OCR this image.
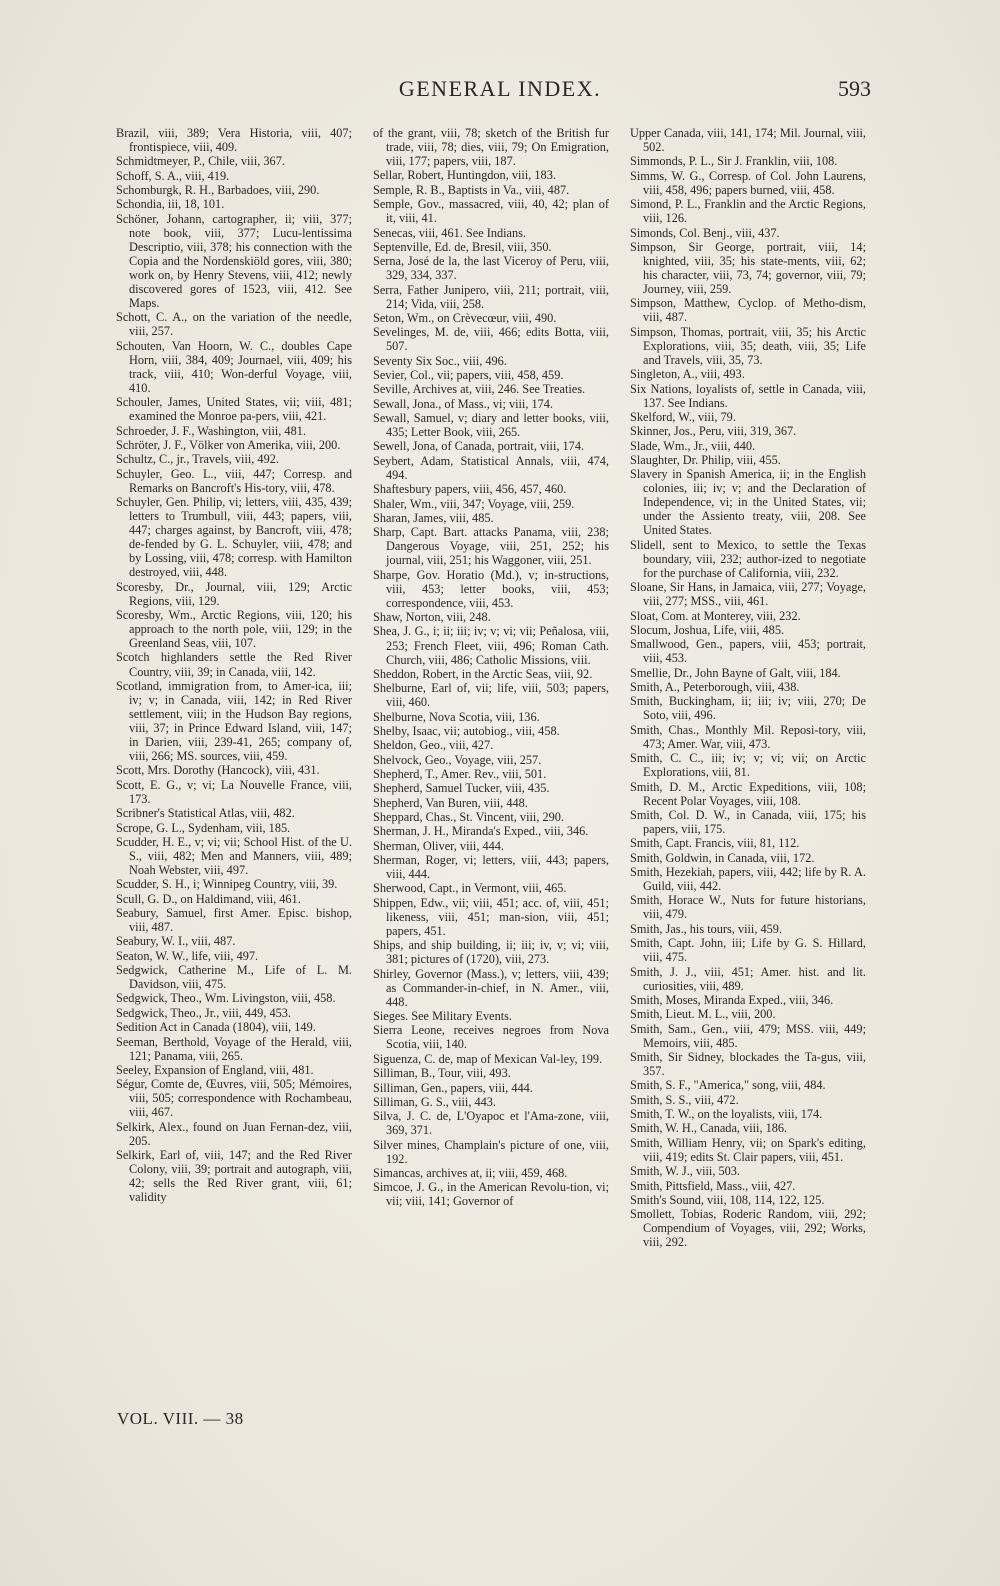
GENERAL INDEX.	593
Brazil, viii, 389; Vera Historia, viii, 407; frontispiece, viii, 409.
Schmidtmeyer, P., Chile, viii, 367.
Schoff, S. A., viii, 419.
Schomburgk, R. H., Barbadoes, viii, 290.
Schondia, iii, 18, 101.
Schöner, Johann, cartographer, ii; viii, 377; note book, viii, 377; Lucu-lentissima Descriptio, viii, 378; his connection with the Copia and the Nordenskiöld gores, viii, 380; work on, by Henry Stevens, viii, 412; newly discovered gores of 1523, viii, 412. See Maps.
Schott, C. A., on the variation of the needle, viii, 257.
Schouten, Van Hoorn, W. C., doubles Cape Horn, viii, 384, 409; Journael, viii, 409; his track, viii, 410; Won-derful Voyage, viii, 410.
Schouler, James, United States, vii; viii, 481; examined the Monroe pa-pers, viii, 421.
Schroeder, J. F., Washington, viii, 481.
Schröter, J. F., Völker von Amerika, viii, 200.
Schultz, C., jr., Travels, viii, 492.
Schuyler, Geo. L., viii, 447; Corresp. and Remarks on Bancroft's His-tory, viii, 478.
Schuyler, Gen. Philip, vi; letters, viii, 435, 439; letters to Trumbull, viii, 443; papers, viii, 447; charges against, by Bancroft, viii, 478; de-fended by G. L. Schuyler, viii, 478; and by Lossing, viii, 478; corresp. with Hamilton destroyed, viii, 448.
Scoresby, Dr., Journal, viii, 129; Arctic Regions, viii, 129.
Scoresby, Wm., Arctic Regions, viii, 120; his approach to the north pole, viii, 129; in the Greenland Seas, viii, 107.
Scotch highlanders settle the Red River Country, viii, 39; in Canada, viii, 142.
Scotland, immigration from, to Amer-ica, iii; iv; v; in Canada, viii, 142; in Red River settlement, viii; in the Hudson Bay regions, viii, 37; in Prince Edward Island, viii, 147; in Darien, viii, 239-41, 265; company of, viii, 266; MS. sources, viii, 459.
Scott, Mrs. Dorothy (Hancock), viii, 431.
Scott, E. G., v; vi; La Nouvelle France, viii, 173.
Scribner's Statistical Atlas, viii, 482.
Scrope, G. L., Sydenham, viii, 185.
Scudder, H. E., v; vi; vii; School Hist. of the U. S., viii, 482; Men and Manners, viii, 489; Noah Webster, viii, 497.
Scudder, S. H., i; Winnipeg Country, viii, 39.
Scull, G. D., on Haldimand, viii, 461.
Seabury, Samuel, first Amer. Episc. bishop, viii, 487.
Seabury, W. I., viii, 487.
Seaton, W. W., life, viii, 497.
Sedgwick, Catherine M., Life of L. M. Davidson, viii, 475.
Sedgwick, Theo., Wm. Livingston, viii, 458.
Sedgwick, Theo., Jr., viii, 449, 453.
Sedition Act in Canada (1804), viii, 149.
Seeman, Berthold, Voyage of the Herald, viii, 121; Panama, viii, 265.
Seeley, Expansion of England, viii, 481.
Ségur, Comte de, Œuvres, viii, 505; Mémoires, viii, 505; correspondence with Rochambeau, viii, 467.
Selkirk, Alex., found on Juan Fernan-dez, viii, 205.
Selkirk, Earl of, viii, 147; and the Red River Colony, viii, 39; portrait and autograph, viii, 42; sells the Red River grant, viii, 61; validity
of the grant, viii, 78; sketch of the British fur trade, viii, 78; dies, viii, 79; On Emigration, viii, 177; papers, viii, 187.
Sellar, Robert, Huntingdon, viii, 183.
Semple, R. B., Baptists in Va., viii, 487.
Semple, Gov., massacred, viii, 40, 42; plan of it, viii, 41.
Senecas, viii, 461. See Indians.
Septenville, Ed. de, Bresil, viii, 350.
Serna, José de la, the last Viceroy of Peru, viii, 329, 334, 337.
Serra, Father Junipero, viii, 211; portrait, viii, 214; Vida, viii, 258.
Seton, Wm., on Crèvecœur, viii, 490.
Sevelinges, M. de, viii, 466; edits Botta, viii, 507.
Seventy Six Soc., viii, 496.
Sevier, Col., vii; papers, viii, 458, 459.
Seville, Archives at, viii, 246. See Treaties.
Sewall, Jona., of Mass., vi; viii, 174.
Sewall, Samuel, v; diary and letter books, viii, 435; Letter Book, viii, 265.
Sewell, Jona, of Canada, portrait, viii, 174.
Seybert, Adam, Statistical Annals, viii, 474, 494.
Shaftesbury papers, viii, 456, 457, 460.
Shaler, Wm., viii, 347; Voyage, viii, 259.
Sharan, James, viii, 485.
Sharp, Capt. Bart. attacks Panama, viii, 238; Dangerous Voyage, viii, 251, 252; his journal, viii, 251; his Waggoner, viii, 251.
Sharpe, Gov. Horatio (Md.), v; in-structions, viii, 453; letter books, viii, 453; correspondence, viii, 453.
Shaw, Norton, viii, 248.
Shea, J. G., i; ii; iii; iv; v; vi; vii; Peñalosa, viii, 253; French Fleet, viii, 496; Roman Cath. Church, viii, 486; Catholic Missions, viii.
Sheddon, Robert, in the Arctic Seas, viii, 92.
Shelburne, Earl of, vii; life, viii, 503; papers, viii, 460.
Shelburne, Nova Scotia, viii, 136.
Shelby, Isaac, vii; autobiog., viii, 458.
Sheldon, Geo., viii, 427.
Shelvock, Geo., Voyage, viii, 257.
Shepherd, T., Amer. Rev., viii, 501.
Shepherd, Samuel Tucker, viii, 435.
Shepherd, Van Buren, viii, 448.
Sheppard, Chas., St. Vincent, viii, 290.
Sherman, J. H., Miranda's Exped., viii, 346.
Sherman, Oliver, viii, 444.
Sherman, Roger, vi; letters, viii, 443; papers, viii, 444.
Sherwood, Capt., in Vermont, viii, 465.
Shippen, Edw., vii; viii, 451; acc. of, viii, 451; likeness, viii, 451; man-sion, viii, 451; papers, 451.
Ships, and ship building, ii; iii; iv, v; vi; viii, 381; pictures of (1720), viii, 273.
Shirley, Governor (Mass.), v; letters, viii, 439; as Commander-in-chief, in N. Amer., viii, 448.
Sieges. See Military Events.
Sierra Leone, receives negroes from Nova Scotia, viii, 140.
Siguenza, C. de, map of Mexican Val-ley, 199.
Silliman, B., Tour, viii, 493.
Silliman, Gen., papers, viii, 444.
Silliman, G. S., viii, 443.
Silva, J. C. de, L'Oyapoc et l'Ama-zone, viii, 369, 371.
Silver mines, Champlain's picture of one, viii, 192.
Simancas, archives at, ii; viii, 459, 468.
Simcoe, J. G., in the American Revolu-tion, vi; vii; viii, 141; Governor of
Upper Canada, viii, 141, 174; Mil. Journal, viii, 502.
Simmonds, P. L., Sir J. Franklin, viii, 108.
Simms, W. G., Corresp. of Col. John Laurens, viii, 458, 496; papers burned, viii, 458.
Simond, P. L., Franklin and the Arctic Regions, viii, 126.
Simonds, Col. Benj., viii, 437.
Simpson, Sir George, portrait, viii, 14; knighted, viii, 35; his state-ments, viii, 62; his character, viii, 73, 74; governor, viii, 79; Journey, viii, 259.
Simpson, Matthew, Cyclop. of Metho-dism, viii, 487.
Simpson, Thomas, portrait, viii, 35; his Arctic Explorations, viii, 35; death, viii, 35; Life and Travels, viii, 35, 73.
Singleton, A., viii, 493.
Six Nations, loyalists of, settle in Canada, viii, 137. See Indians.
Skelford, W., viii, 79.
Skinner, Jos., Peru, viii, 319, 367.
Slade, Wm., Jr., viii, 440.
Slaughter, Dr. Philip, viii, 455.
Slavery in Spanish America, ii; in the English colonies, iii; iv; v; and the Declaration of Independence, vi; in the United States, vii; under the Assiento treaty, viii, 208. See United States.
Slidell, sent to Mexico, to settle the Texas boundary, viii, 232; author-ized to negotiate for the purchase of California, viii, 232.
Sloane, Sir Hans, in Jamaica, viii, 277; Voyage, viii, 277; MSS., viii, 461.
Sloat, Com. at Monterey, viii, 232.
Slocum, Joshua, Life, viii, 485.
Smallwood, Gen., papers, viii, 453; portrait, viii, 453.
Smellie, Dr., John Bayne of Galt, viii, 184.
Smith, A., Peterborough, viii, 438.
Smith, Buckingham, ii; iii; iv; viii, 270; De Soto, viii, 496.
Smith, Chas., Monthly Mil. Reposi-tory, viii, 473; Amer. War, viii, 473.
Smith, C. C., iii; iv; v; vi; vii; on Arctic Explorations, viii, 81.
Smith, D. M., Arctic Expeditions, viii, 108; Recent Polar Voyages, viii, 108.
Smith, Col. D. W., in Canada, viii, 175; his papers, viii, 175.
Smith, Capt. Francis, viii, 81, 112.
Smith, Goldwin, in Canada, viii, 172.
Smith, Hezekiah, papers, viii, 442; life by R. A. Guild, viii, 442.
Smith, Horace W., Nuts for future historians, viii, 479.
Smith, Jas., his tours, viii, 459.
Smith, Capt. John, iii; Life by G. S. Hillard, viii, 475.
Smith, J. J., viii, 451; Amer. hist. and lit. curiosities, viii, 489.
Smith, Moses, Miranda Exped., viii, 346.
Smith, Lieut. M. L., viii, 200.
Smith, Sam., Gen., viii, 479; MSS. viii, 449; Memoirs, viii, 485.
Smith, Sir Sidney, blockades the Ta-gus, viii, 357.
Smith, S. F., "America," song, viii, 484.
Smith, S. S., viii, 472.
Smith, T. W., on the loyalists, viii, 174.
Smith, W. H., Canada, viii, 186.
Smith, William Henry, vii; on Spark's editing, viii, 419; edits St. Clair papers, viii, 451.
Smith, W. J., viii, 503.
Smith, Pittsfield, Mass., viii, 427.
Smith's Sound, viii, 108, 114, 122, 125.
Smollett, Tobias, Roderic Random, viii, 292; Compendium of Voyages, viii, 292; Works, viii, 292.
VOL. VIII. — 38
